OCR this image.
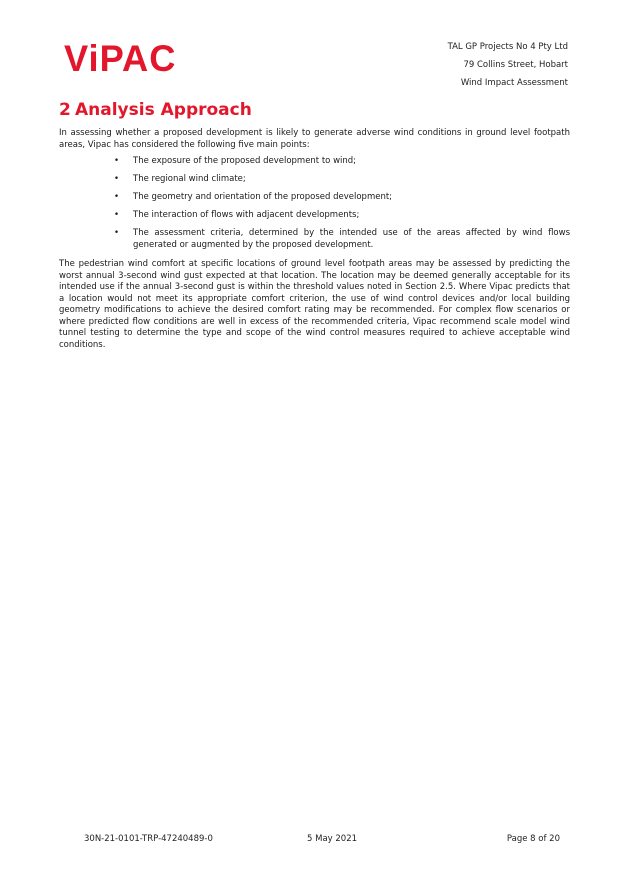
ViPAC	TAL GP Projects No 4 Pty Ltd
79 Collins Street, Hobart
Wind Impact Assessment
2 Analysis Approach
In assessing whether a proposed development is likely to generate adverse wind conditions in ground level footpath areas, Vipac has considered the following five main points:
• The exposure of the proposed development to wind;
• The regional wind climate;
• The geometry and orientation of the proposed development;
• The interaction of flows with adjacent developments;
• The assessment criteria, determined by the intended use of the areas affected by wind flows generated or augmented by the proposed development.
The pedestrian wind comfort at specific locations of ground level footpath areas may be assessed by predicting the worst annual 3-second wind gust expected at that location. The location may be deemed generally acceptable for its intended use if the annual 3-second gust is within the threshold values noted in Section 2.5. Where Vipac predicts that a location would not meet its appropriate comfort criterion, the use of wind control devices and/or local building geometry modifications to achieve the desired comfort rating may be recommended. For complex flow scenarios or where predicted flow conditions are well in excess of the recommended criteria, Vipac recommend scale model wind tunnel testing to determine the type and scope of the wind control measures required to achieve acceptable wind conditions.
30N-21-0101-TRP-47240489-0	5 May 2021	Page 8 of 20
